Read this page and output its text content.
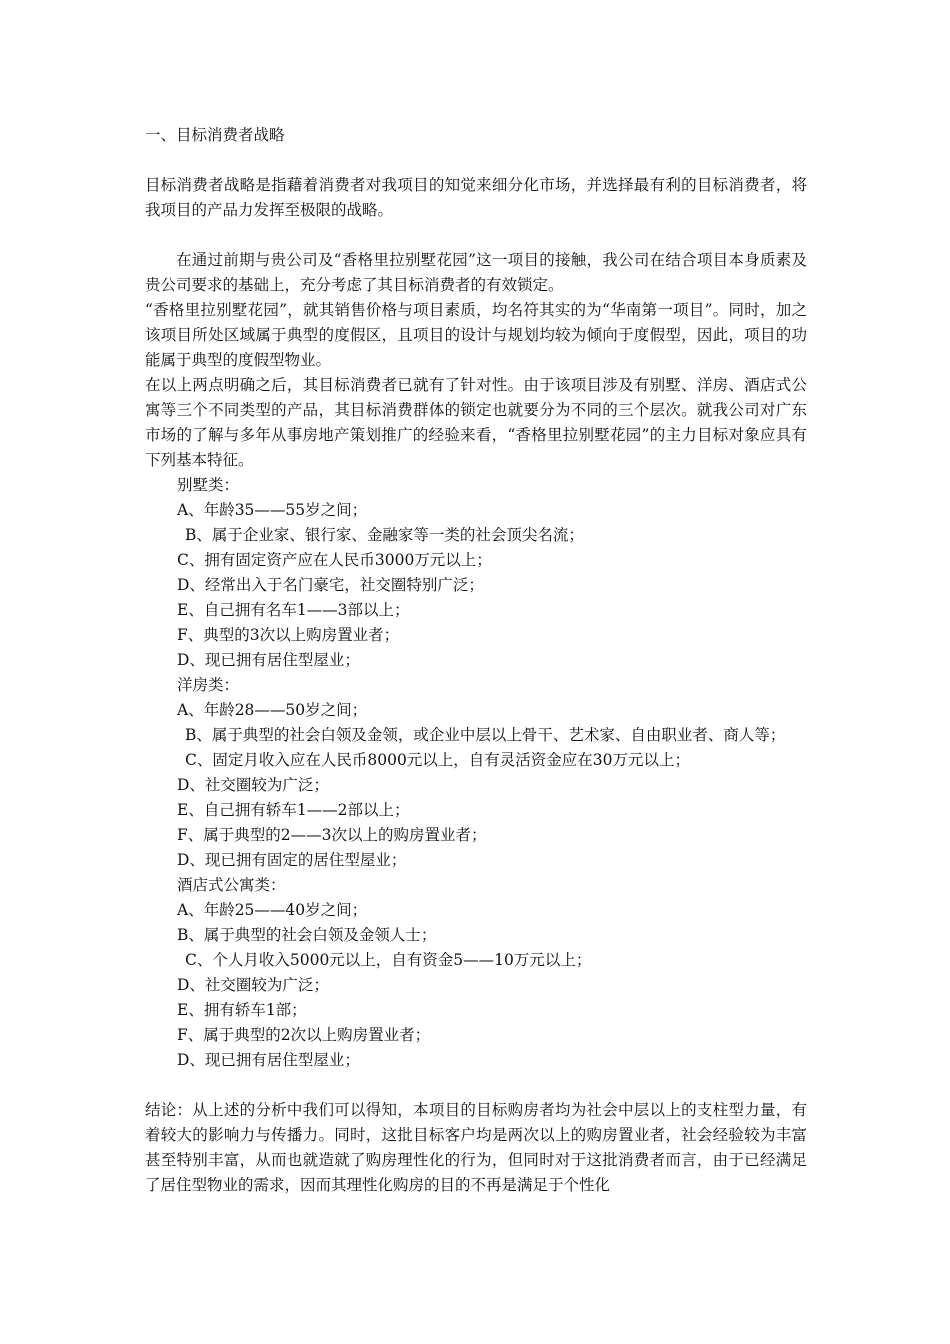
一、目标消费者战略

目标消费者战略是指藉着消费者对我项目的知觉来细分化市场，并选择最有利的目标消费者，将我项目的产品力发挥至极限的战略。

在通过前期与贵公司及“香格里拉别墅花园”这一项目的接触，我公司在结合项目本身质素及贵公司要求的基础上，充分考虑了其目标消费者的有效锁定。

“香格里拉别墅花园”，就其销售价格与项目素质，均名符其实的为“华南第一项目”。同时，加之该项目所处区域属于典型的度假区，且项目的设计与规划均较为倾向于度假型，因此，项目的功能属于典型的度假型物业。

在以上两点明确之后，其目标消费者已就有了针对性。由于该项目涉及有别墅、洋房、酒店式公寓等三个不同类型的产品，其目标消费群体的锁定也就要分为不同的三个层次。就我公司对广东市场的了解与多年从事房地产策划推广的经验来看，“香格里拉别墅花园”的主力目标对象应具有下列基本特征。

别墅类：

A、年龄35——55岁之间；

B、属于企业家、银行家、金融家等一类的社会顶尖名流；

C、拥有固定资产应在人民币3000万元以上；

D、经常出入于名门豪宅，社交圈特别广泛；

E、自己拥有名车1——3部以上；

F、典型的3次以上购房置业者；

D、现已拥有居住型屋业；

洋房类：

A、年龄28——50岁之间；

B、属于典型的社会白领及金领，或企业中层以上骨干、艺术家、自由职业者、商人等；

C、固定月收入应在人民币8000元以上，自有灵活资金应在30万元以上；

D、社交圈较为广泛；

E、自己拥有轿车1——2部以上；

F、属于典型的2——3次以上的购房置业者；

D、现已拥有固定的居住型屋业；

酒店式公寓类：

A、年龄25——40岁之间；

B、属于典型的社会白领及金领人士；

C、个人月收入5000元以上，自有资金5——10万元以上；

D、社交圈较为广泛；

E、拥有轿车1部；

F、属于典型的2次以上购房置业者；

D、现已拥有居住型屋业；

结论：从上述的分析中我们可以得知，本项目的目标购房者均为社会中层以上的支柱型力量，有着较大的影响力与传播力。同时，这批目标客户均是两次以上的购房置业者，社会经验较为丰富甚至特别丰富，从而也就造就了购房理性化的行为，但同时对于这批消费者而言，由于已经满足了居住型物业的需求，因而其理性化购房的目的不再是满足于个性化
